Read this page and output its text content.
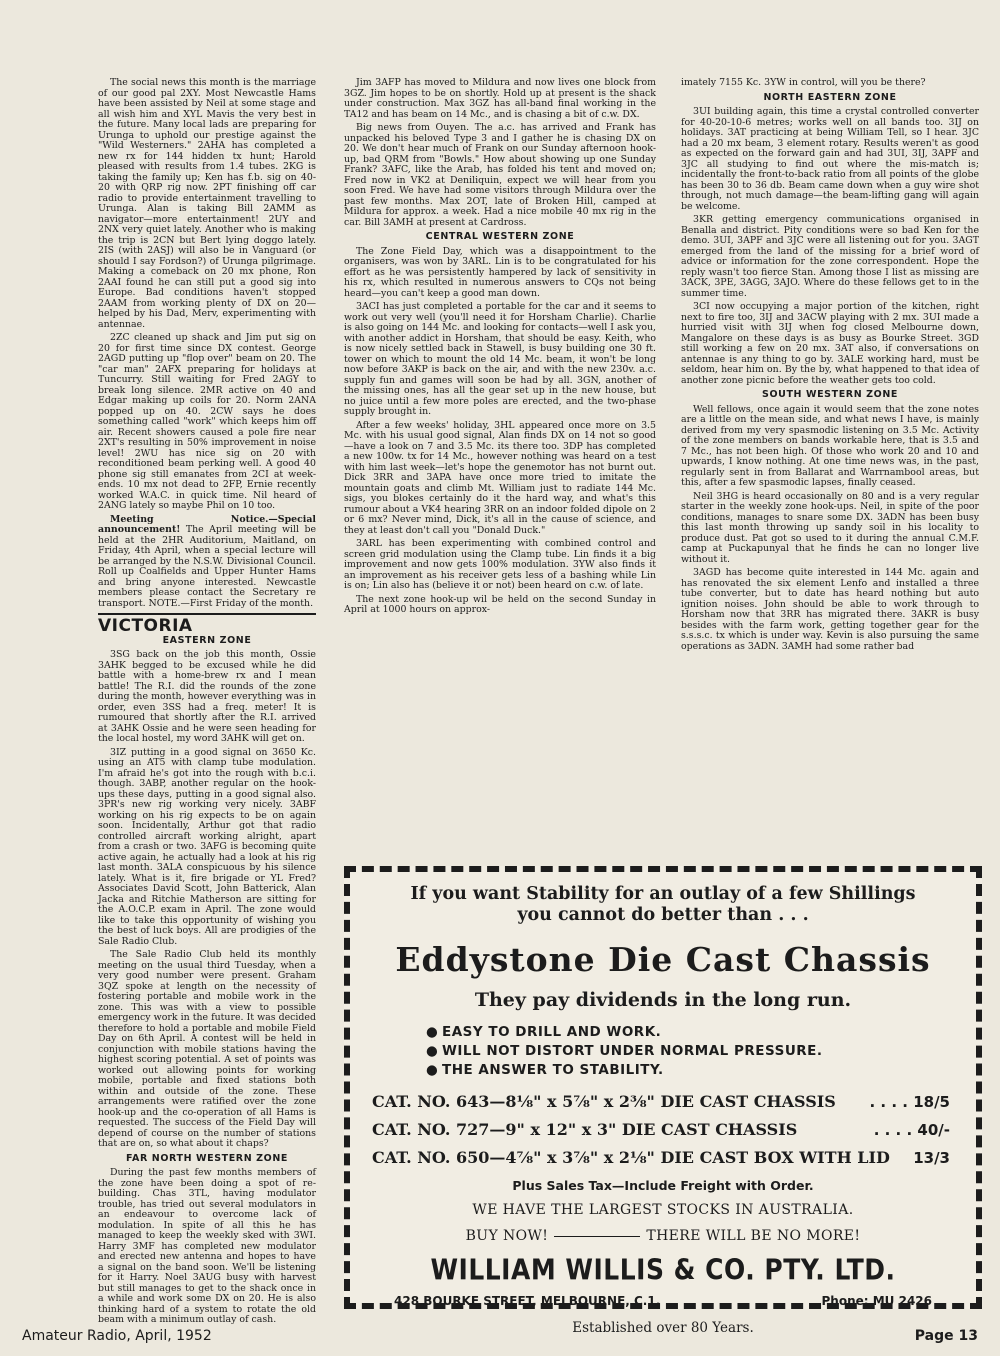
The social news this month is the marriage of our good pal 2XY. Most Newcastle Hams have been assisted by Neil at some stage and all wish him and XYL Mavis the very best in the future. Many local lads are preparing for Urunga to uphold our prestige against the "Wild Westerners." 2AHA has completed a new rx for 144 hidden tx hunt; Harold pleased with results from 1.4 tubes. 2KG is taking the family up; Ken has f.b. sig on 40-20 with QRP rig now. 2PT finishing off car radio to provide entertainment travelling to Urunga. Alan is taking Bill 2AMM as navigator—more entertainment! 2UY and 2NX very quiet lately. Another who is making the trip is 2CN but Bert lying doggo lately. 2IS (with 2ASJ) will also be in Vanguard (or should I say Fordson?) of Urunga pilgrimage. Making a comeback on 20 mx phone, Ron 2AAI found he can still put a good sig into Europe. Bad conditions haven't stopped 2AAM from working plenty of DX on 20—helped by his Dad, Merv, experimenting with antennae.

2ZC cleaned up shack and Jim put sig on 20 for first time since DX contest. George 2AGD putting up "flop over" beam on 20. The "car man" 2AFX preparing for holidays at Tuncurry. Still waiting for Fred 2AGY to break long silence. 2MR active on 40 and Edgar making up coils for 20. Norm 2ANA popped up on 40. 2CW says he does something called "work" which keeps him off air. Recent showers caused a pole fire near 2XT's resulting in 50% improvement in noise level! 2WU has nice sig on 20 with reconditioned beam perking well. A good 40 phone sig still emanates from 2CI at week-ends. 10 mx not dead to 2FP, Ernie recently worked W.A.C. in quick time. Nil heard of 2ANG lately so maybe Phil on 10 too.

Meeting Notice.—Special announcement! The April meeting will be held at the 2HR Auditorium, Maitland, on Friday, 4th April, when a special lecture will be arranged by the N.S.W. Divisional Council. Roll up Coalfields and Upper Hunter Hams and bring anyone interested. Newcastle members please contact the Secretary re transport. NOTE.—First Friday of the month.

VICTORIA
EASTERN ZONE

3SG back on the job this month, Ossie 3AHK begged to be excused while he did battle with a home-brew rx and I mean battle! The R.I. did the rounds of the zone during the month, however everything was in order, even 3SS had a freq. meter! It is rumoured that shortly after the R.I. arrived at 3AHK Ossie and he were seen heading for the local hostel, my word 3AHK will get on.

3IZ putting in a good signal on 3650 Kc. using an AT5 with clamp tube modulation. I'm afraid he's got into the rough with b.c.i. though. 3ABP, another regular on the hook-ups these days, putting in a good signal also. 3PR's new rig working very nicely. 3ABF working on his rig expects to be on again soon. Incidentally, Arthur got that radio controlled aircraft working alright, apart from a crash or two. 3AFG is becoming quite active again, he actually had a look at his rig last month. 3ALA conspicuous by his silence lately. What is it, fire brigade or YL Fred? Associates David Scott, John Batterick, Alan Jacka and Ritchie Matherson are sitting for the A.O.C.P. exam in April. The zone would like to take this opportunity of wishing you the best of luck boys. All are prodigies of the Sale Radio Club.

The Sale Radio Club held its monthly meeting on the usual third Tuesday, when a very good number were present. Graham 3QZ spoke at length on the necessity of fostering portable and mobile work in the zone. This was with a view to possible emergency work in the future. It was decided therefore to hold a portable and mobile Field Day on 6th April. A contest will be held in conjunction with mobile stations having the highest scoring potential. A set of points was worked out allowing points for working mobile, portable and fixed stations both within and outside of the zone. These arrangements were ratified over the zone hook-up and the co-operation of all Hams is requested. The success of the Field Day will depend of course on the number of stations that are on, so what about it chaps?

FAR NORTH WESTERN ZONE

During the past few months members of the zone have been doing a spot of re-building. Chas 3TL, having modulator trouble, has tried out several modulators in an endeavour to overcome lack of modulation. In spite of all this he has managed to keep the weekly sked with 3WI. Harry 3MF has completed new modulator and erected new antenna and hopes to have a signal on the band soon. We'll be listening for it Harry. Noel 3AUG busy with harvest but still manages to get to the shack once in a while and work some DX on 20. He is also thinking hard of a system to rotate the old beam with a minimum outlay of cash.

Jim 3AFP has moved to Mildura and now lives one block from 3GZ. Jim hopes to be on shortly. Hold up at present is the shack under construction. Max 3GZ has all-band final working in the TA12 and has beam on 14 Mc., and is chasing a bit of c.w. DX.

Big news from Ouyen. The a.c. has arrived and Frank has unpacked his beloved Type 3 and I gather he is chasing DX on 20. We don't hear much of Frank on our Sunday afternoon hook-up, bad QRM from "Bowls." How about showing up one Sunday Frank? 3AFC, like the Arab, has folded his tent and moved on; Fred now in VK2 at Deniliquin, expect we will hear from you soon Fred. We have had some visitors through Mildura over the past few months. Max 2OT, late of Broken Hill, camped at Mildura for approx. a week. Had a nice mobile 40 mx rig in the car. Bill 3AMH at present at Cardross.

CENTRAL WESTERN ZONE

The Zone Field Day, which was a disappointment to the organisers, was won by 3ARL. Lin is to be congratulated for his effort as he was persistently hampered by lack of sensitivity in his rx, which resulted in numerous answers to CQs not being heard—you can't keep a good man down.

3ACI has just completed a portable for the car and it seems to work out very well (you'll need it for Horsham Charlie). Charlie is also going on 144 Mc. and looking for contacts—well I ask you, with another addict in Horsham, that should be easy. Keith, who is now nicely settled back in Stawell, is busy building one 30 ft. tower on which to mount the old 14 Mc. beam, it won't be long now before 3AKP is back on the air, and with the new 230v. a.c. supply fun and games will soon be had by all. 3GN, another of the missing ones, has all the gear set up in the new house, but no juice until a few more poles are erected, and the two-phase supply brought in.

After a few weeks' holiday, 3HL appeared once more on 3.5 Mc. with his usual good signal, Alan finds DX on 14 not so good—have a look on 7 and 3.5 Mc. its there too. 3DP has completed a new 100w. tx for 14 Mc., however nothing was heard on a test with him last week—let's hope the genemotor has not burnt out. Dick 3RR and 3APA have once more tried to imitate the mountain goats and climb Mt. William just to radiate 144 Mc. sigs, you blokes certainly do it the hard way, and what's this rumour about a VK4 hearing 3RR on an indoor folded dipole on 2 or 6 mx? Never mind, Dick, it's all in the cause of science, and they at least don't call you "Donald Duck."

3ARL has been experimenting with combined control and screen grid modulation using the Clamp tube. Lin finds it a big improvement and now gets 100% modulation. 3YW also finds it an improvement as his receiver gets less of a bashing while Lin is on; Lin also has (believe it or not) been heard on c.w. of late.

The next zone hook-up wil be held on the second Sunday in April at 1000 hours on approx-

imately 7155 Kc. 3YW in control, will you be there?

NORTH EASTERN ZONE

3UI building again, this time a crystal controlled converter for 40-20-10-6 metres; works well on all bands too. 3IJ on holidays. 3AT practicing at being William Tell, so I hear. 3JC had a 20 mx beam, 3 element rotary. Results weren't as good as expected on the forward gain and had 3UI, 3IJ, 3APF and 3JC all studying to find out where the mis-match is; incidentally the front-to-back ratio from all points of the globe has been 30 to 36 db. Beam came down when a guy wire shot through, not much damage—the beam-lifting gang will again be welcome.

3KR getting emergency communications organised in Benalla and district. Pity conditions were so bad Ken for the demo. 3UI, 3APF and 3JC were all listening out for you. 3AGT emerged from the land of the missing for a brief word of advice or information for the zone correspondent. Hope the reply wasn't too fierce Stan. Among those I list as missing are 3ACK, 3PE, 3AGG, 3AJO. Where do these fellows get to in the summer time.

3CI now occupying a major portion of the kitchen, right next to fire too, 3IJ and 3ACW playing with 2 mx. 3UI made a hurried visit with 3IJ when fog closed Melbourne down, Mangalore on these days is as busy as Bourke Street. 3GD still working a few on 20 mx. 3AT also, if conversations on antennae is any thing to go by. 3ALE working hard, must be seldom, hear him on. By the by, what happened to that idea of another zone picnic before the weather gets too cold.

SOUTH WESTERN ZONE

Well fellows, once again it would seem that the zone notes are a little on the mean side, and what news I have, is mainly derived from my very spasmodic listening on 3.5 Mc. Activity of the zone members on bands workable here, that is 3.5 and 7 Mc., has not been high. Of those who work 20 and 10 and upwards, I know nothing. At one time news was, in the past, regularly sent in from Ballarat and Warrnambool areas, but this, after a few spasmodic lapses, finally ceased.

Neil 3HG is heard occasionally on 80 and is a very regular starter in the weekly zone hook-ups. Neil, in spite of the poor conditions, manages to snare some DX. 3ADN has been busy this last month throwing up sandy soil in his locality to produce dust. Pat got so used to it during the annual C.M.F. camp at Puckapunyal that he finds he can no longer live without it.

3AGD has become quite interested in 144 Mc. again and has renovated the six element Lenfo and installed a three tube converter, but to date has heard nothing but auto ignition noises. John should be able to work through to Horsham now that 3RR has migrated there. 3AKR is busy besides with the farm work, getting together gear for the s.s.s.c. tx which is under way. Kevin is also pursuing the same operations as 3ADN. 3AMH had some rather bad

If you want Stability for an outlay of a few Shillings
you cannot do better than . . .
Eddystone Die Cast Chassis
They pay dividends in the long run.
● EASY TO DRILL AND WORK.
● WILL NOT DISTORT UNDER NORMAL PRESSURE.
● THE ANSWER TO STABILITY.
CAT. NO. 643—8⅛" x 5⅞" x 2⅜" DIE CAST CHASSIS . . . . 18/5
CAT. NO. 727—9" x 12" x 3" DIE CAST CHASSIS	. . . . 40/-
CAT. NO. 650—4⅞" x 3⅞" x 2⅛" DIE CAST BOX WITH LID 13/3
Plus Sales Tax—Include Freight with Order.
WE HAVE THE LARGEST STOCKS IN AUSTRALIA.
BUY NOW!	THERE WILL BE NO MORE!
WILLIAM WILLIS & CO. PTY. LTD.
428 BOURKE STREET, MELBOURNE, C.1.	Phone: MU 2426
Established over 80 Years.
Amateur Radio, April, 1952	Page 13
